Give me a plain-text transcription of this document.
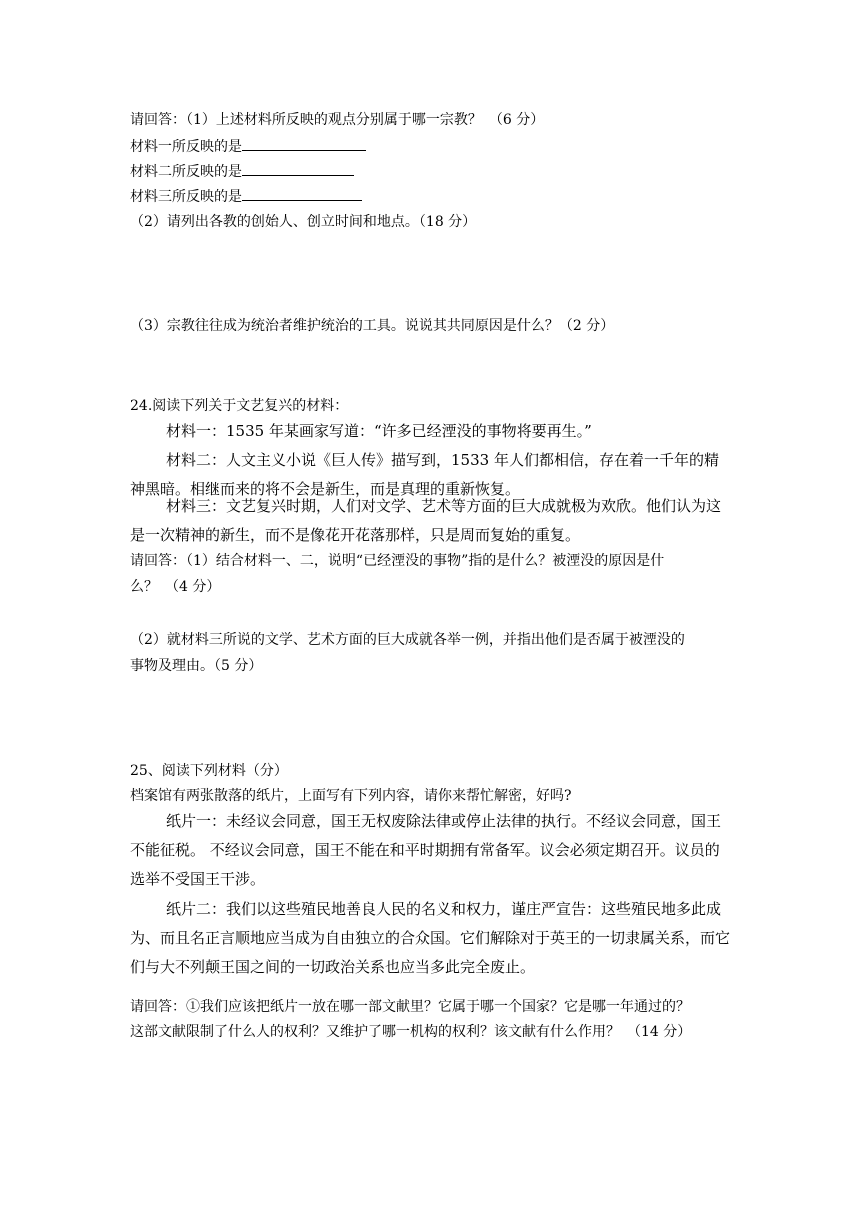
请回答：（1）上述材料所反映的观点分别属于哪一宗教？　（6 分）
材料一所反映的是
材料二所反映的是
材料三所反映的是
（2）请列出各教的创始人、创立时间和地点。（18 分）
（3）宗教往往成为统治者维护统治的工具。说说其共同原因是什么？（2 分）
24.阅读下列关于文艺复兴的材料：
材料一：1535 年某画家写道：“许多已经湮没的事物将要再生。”
材料二：人文主义小说《巨人传》描写到，1533 年人们都相信，存在着一千年的精神黑暗。相继而来的将不会是新生，而是真理的重新恢复。
材料三：文艺复兴时期，人们对文学、艺术等方面的巨大成就极为欢欣。他们认为这是一次精神的新生，而不是像花开花落那样，只是周而复始的重复。
请回答：（1）结合材料一、二，说明“已经湮没的事物”指的是什么？被湮没的原因是什
么？　（4 分）
（2）就材料三所说的文学、艺术方面的巨大成就各举一例，并指出他们是否属于被湮没的
事物及理由。（5 分）
25、阅读下列材料（分）
档案馆有两张散落的纸片，上面写有下列内容，请你来帮忙解密，好吗?
纸片一：未经议会同意，国王无权废除法律或停止法律的执行。不经议会同意，国王不能征税。 不经议会同意，国王不能在和平时期拥有常备军。议会必须定期召开。议员的选举不受国王干涉。
纸片二：我们以这些殖民地善良人民的名义和权力，谨庄严宣告：这些殖民地多此成为、而且名正言顺地应当成为自由独立的合众国。它们解除对于英王的一切隶属关系，而它们与大不列颠王国之间的一切政治关系也应当多此完全废止。
请回答：①我们应该把纸片一放在哪一部文献里？它属于哪一个国家？它是哪一年通过的？
这部文献限制了什么人的权利？又维护了哪一机构的权利？该文献有什么作用？　（14 分）
